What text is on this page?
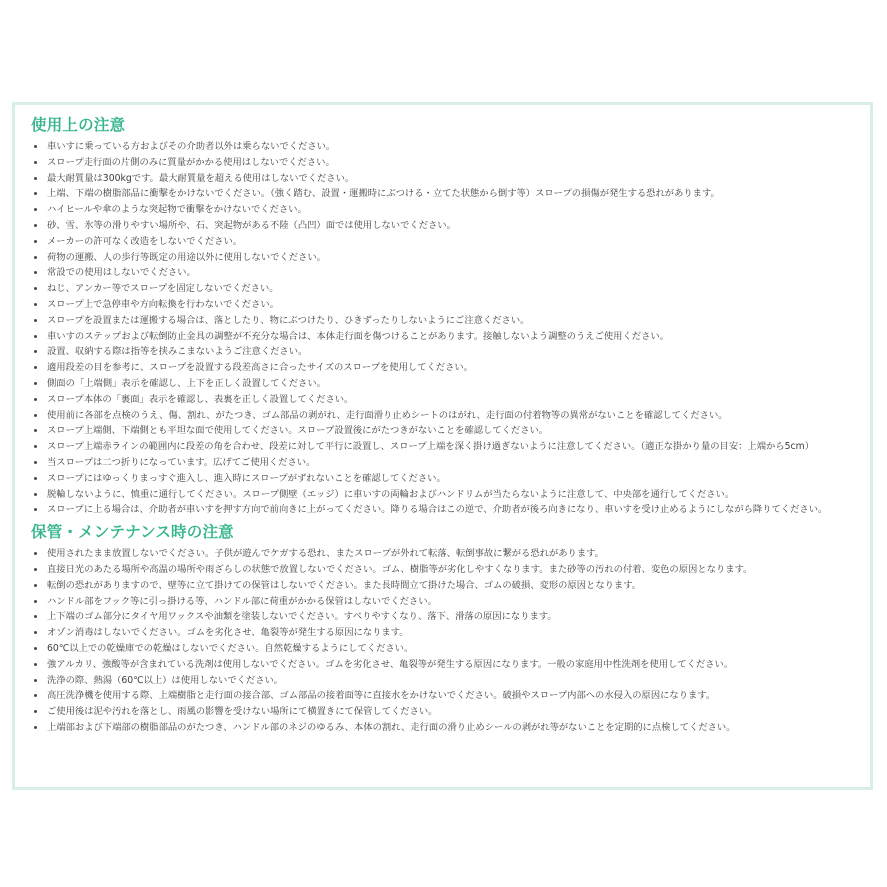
使用上の注意
車いすに乗っている方およびその介助者以外は乗らないでください。
スロープ走行面の片側のみに質量がかかる使用はしないでください。
最大耐質量は300kgです。最大耐質量を超える使用はしないでください。
上端、下端の樹脂部品に衝撃をかけないでください。（強く踏む、設置・運搬時にぶつける・立てた状態から倒す等）スロープの損傷が発生する恐れがあります。
ハイヒールや傘のような突起物で衝撃をかけないでください。
砂、雪、氷等の滑りやすい場所や、石、突起物がある不陸（凸凹）面では使用しないでください。
メーカーの許可なく改造をしないでください。
荷物の運搬、人の歩行等既定の用途以外に使用しないでください。
常設での使用はしないでください。
ねじ、アンカー等でスロープを固定しないでください。
スロープ上で急停車や方向転換を行わないでください。
スロープを設置または運搬する場合は、落としたり、物にぶつけたり、ひきずったりしないようにご注意ください。
車いすのステップおよび転倒防止金具の調整が不充分な場合は、本体走行面を傷つけることがあります。接触しないよう調整のうえご使用ください。
設置、収納する際は指等を挟みこまないようご注意ください。
適用段差の目を参考に、スロープを設置する段差高さに合ったサイズのスロープを使用してください。
側面の「上端側」表示を確認し、上下を正しく設置してください。
スロープ本体の「裏面」表示を確認し、表裏を正しく設置してください。
使用前に各部を点検のうえ、傷、割れ、がたつき、ゴム部品の剥がれ、走行面滑り止めシートのはがれ、走行面の付着物等の異常がないことを確認してください。
スロープ上端側、下端側とも平坦な面で使用してください。スロープ設置後にがたつきがないことを確認してください。
スロープ上端赤ラインの範囲内に段差の角を合わせ、段差に対して平行に設置し、スロープ上端を深く掛け過ぎないように注意してください。（適正な掛かり量の目安：上端から5cm）
当スロープは二つ折りになっています。広げてご使用ください。
スロープにはゆっくりまっすぐ進入し、進入時にスロープがずれないことを確認してください。
脱輪しないように、慎重に通行してください。スロープ側壁（エッジ）に車いすの両輪およびハンドリムが当たらないように注意して、中央部を通行してください。
スロープに上る場合は、介助者が車いすを押す方向で前向きに上がってください。降りる場合はこの逆で、介助者が後ろ向きになり、車いすを受け止めるようにしながら降りてください。
保管・メンテナンス時の注意
使用されたまま放置しないでください。子供が遊んでケガする恐れ、またスロープが外れて転落、転倒事故に繋がる恐れがあります。
直接日光のあたる場所や高温の場所や雨ざらしの状態で放置しないでください。ゴム、樹脂等が劣化しやすくなります。また砂等の汚れの付着、変色の原因となります。
転倒の恐れがありますので、壁等に立て掛けての保管はしないでください。また長時間立て掛けた場合、ゴムの破損、変形の原因となります。
ハンドル部をフック等に引っ掛ける等、ハンドル部に荷重がかかる保管はしないでください。
上下端のゴム部分にタイヤ用ワックスや油類を塗装しないでください。すべりやすくなり、落下、滑落の原因になります。
オゾン消毒はしないでください。ゴムを劣化させ、亀裂等が発生する原因になります。
60℃以上での乾燥庫での乾燥はしないでください。自然乾燥するようにしてください。
強アルカリ、強酸等が含まれている洗剤は使用しないでください。ゴムを劣化させ、亀裂等が発生する原因になります。一般の家庭用中性洗剤を使用してください。
洗浄の際、熱湯（60℃以上）は使用しないでください。
高圧洗浄機を使用する際、上端樹脂と走行面の接合部、ゴム部品の接着面等に直接水をかけないでください。破損やスロープ内部への水侵入の原因になります。
ご使用後は泥や汚れを落とし、雨風の影響を受けない場所にて横置きにて保管してください。
上端部および下端部の樹脂部品のがたつき、ハンドル部のネジのゆるみ、本体の割れ、走行面の滑り止めシールの剥がれ等がないことを定期的に点検してください。
